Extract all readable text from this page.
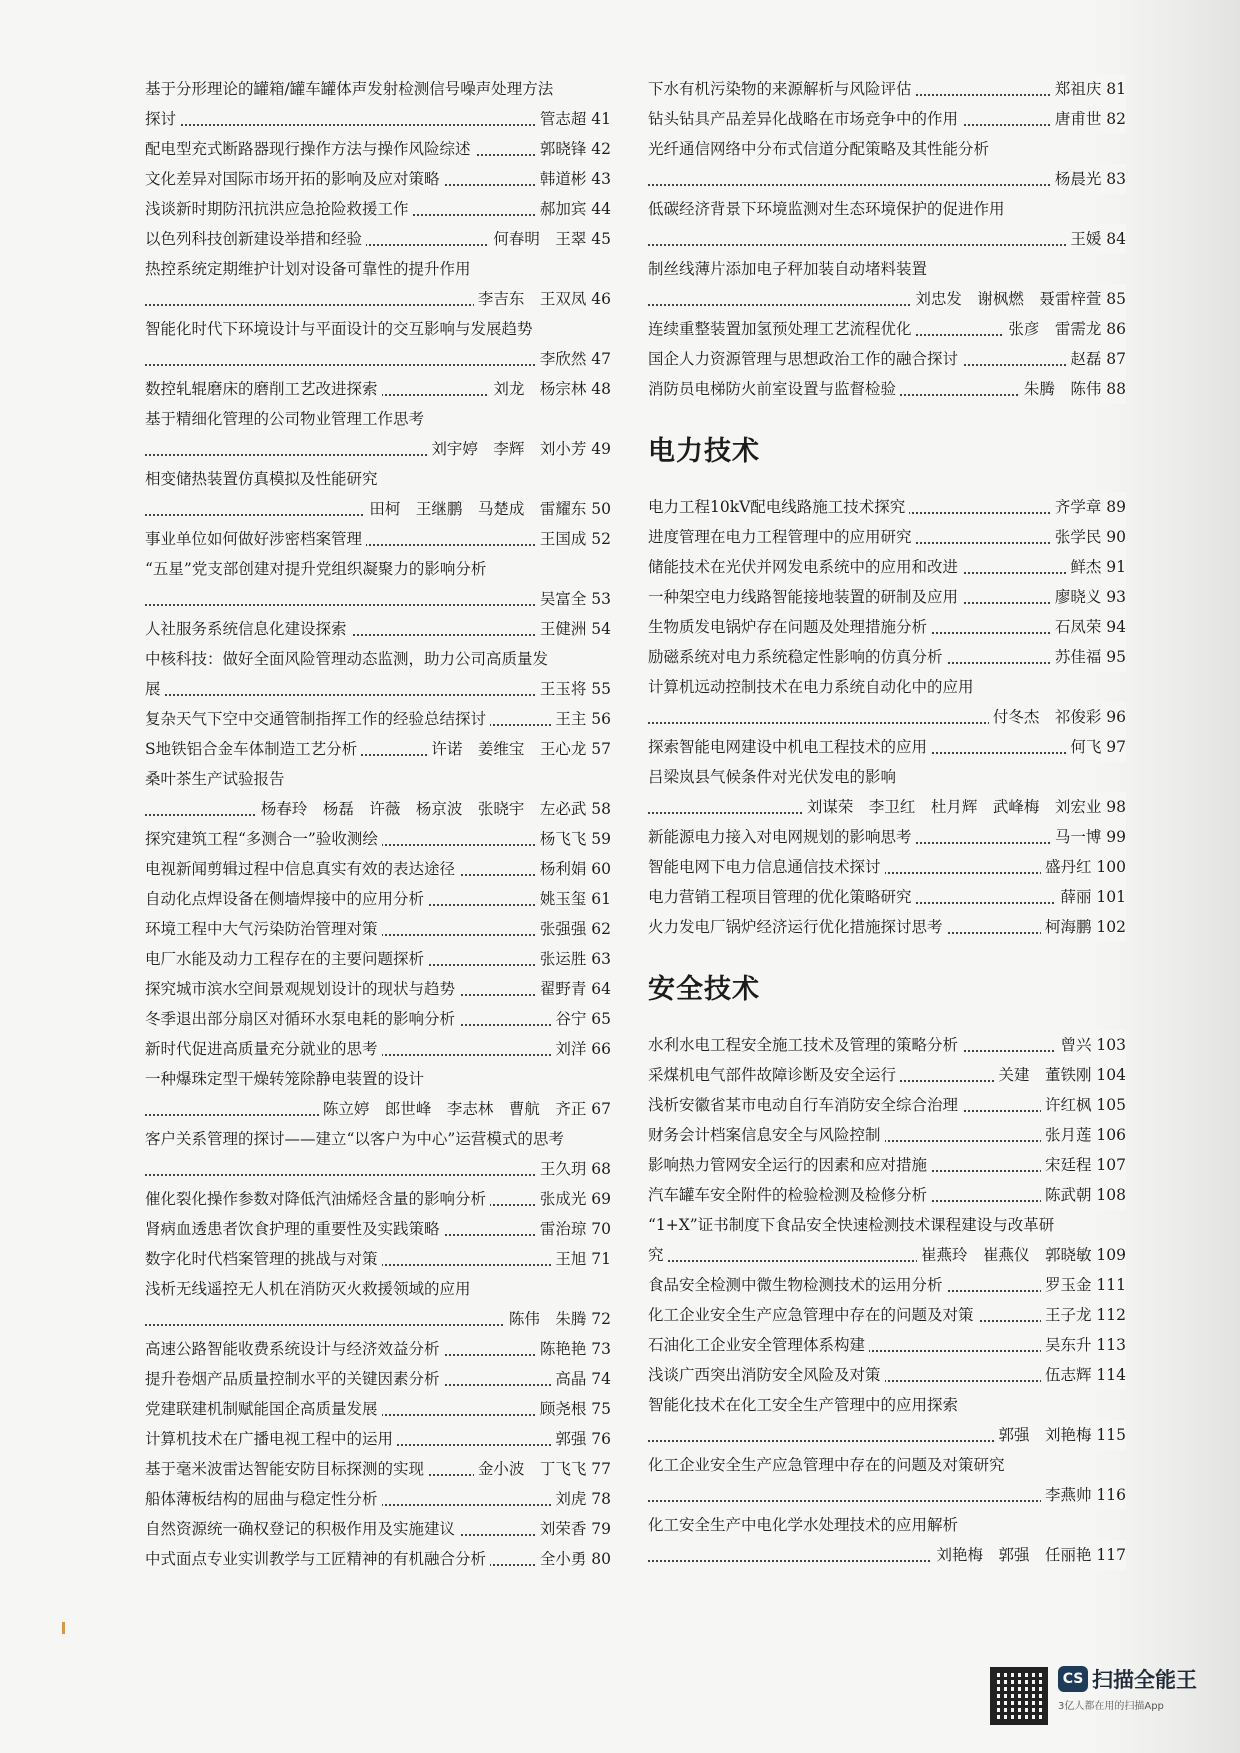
基于分形理论的罐箱/罐车罐体声发射检测信号噪声处理方法
探讨	管志超 41
配电型充式断路器现行操作方法与操作风险综述	郭晓锋 42
文化差异对国际市场开拓的影响及应对策略	韩道彬 43
浅谈新时期防汛抗洪应急抢险救援工作	郝加宾 44
以色列科技创新建设举措和经验	何春明　王翠 45
热控系统定期维护计划对设备可靠性的提升作用
李吉东　王双凤 46
智能化时代下环境设计与平面设计的交互影响与发展趋势
李欣然 47
数控轧辊磨床的磨削工艺改进探索	刘龙　杨宗林 48
基于精细化管理的公司物业管理工作思考
刘宇婷　李辉　刘小芳 49
相变储热装置仿真模拟及性能研究
田柯　王继鹏　马楚成　雷耀东 50
事业单位如何做好涉密档案管理	王国成 52
“五星”党支部创建对提升党组织凝聚力的影响分析
吴富全 53
人社服务系统信息化建设探索	王健洲 54
中核科技：做好全面风险管理动态监测，助力公司高质量发
展	王玉将 55
复杂天气下空中交通管制指挥工作的经验总结探讨	王主 56
S地铁铝合金车体制造工艺分析	许诺　姜维宝　王心龙 57
桑叶茶生产试验报告
杨春玲　杨磊　许薇　杨京波　张晓宇　左必武 58
探究建筑工程“多测合一”验收测绘	杨飞飞 59
电视新闻剪辑过程中信息真实有效的表达途径	杨利娟 60
自动化点焊设备在侧墙焊接中的应用分析	姚玉玺 61
环境工程中大气污染防治管理对策	张强强 62
电厂水能及动力工程存在的主要问题探析	张运胜 63
探究城市滨水空间景观规划设计的现状与趋势	翟野青 64
冬季退出部分扇区对循环水泵电耗的影响分析	谷宁 65
新时代促进高质量充分就业的思考	刘洋 66
一种爆珠定型干燥转笼除静电装置的设计
陈立婷　郎世峰　李志林　曹航　齐正 67
客户关系管理的探讨——建立“以客户为中心”运营模式的思考
王久玥 68
催化裂化操作参数对降低汽油烯烃含量的影响分析	张成光 69
肾病血透患者饮食护理的重要性及实践策略	雷治琼 70
数字化时代档案管理的挑战与对策	王旭 71
浅析无线遥控无人机在消防灭火救援领域的应用
陈伟　朱腾 72
高速公路智能收费系统设计与经济效益分析	陈艳艳 73
提升卷烟产品质量控制水平的关键因素分析	高晶 74
党建联建机制赋能国企高质量发展	顾尧根 75
计算机技术在广播电视工程中的运用	郭强 76
基于毫米波雷达智能安防目标探测的实现	金小波　丁飞飞 77
船体薄板结构的屈曲与稳定性分析	刘虎 78
自然资源统一确权登记的积极作用及实施建议	刘荣香 79
中式面点专业实训教学与工匠精神的有机融合分析	全小勇 80
下水有机污染物的来源解析与风险评估	郑祖庆 81
钻头钻具产品差异化战略在市场竞争中的作用	唐甫世 82
光纤通信网络中分布式信道分配策略及其性能分析
杨晨光 83
低碳经济背景下环境监测对生态环境保护的促进作用
王媛 84
制丝线薄片添加电子秤加装自动堵料装置
刘忠发　谢枫燃　聂雷梓萱 85
连续重整装置加氢预处理工艺流程优化	张彦　雷需龙 86
国企人力资源管理与思想政治工作的融合探讨	赵磊 87
消防员电梯防火前室设置与监督检验	朱腾　陈伟 88
电力技术
电力工程10kV配电线路施工技术探究	齐学章 89
进度管理在电力工程管理中的应用研究	张学民 90
储能技术在光伏并网发电系统中的应用和改进	鲜杰 91
一种架空电力线路智能接地装置的研制及应用	廖晓义 93
生物质发电锅炉存在问题及处理措施分析	石凤荣 94
励磁系统对电力系统稳定性影响的仿真分析	苏佳福 95
计算机远动控制技术在电力系统自动化中的应用
付冬杰　祁俊彩 96
探索智能电网建设中机电工程技术的应用	何飞 97
吕梁岚县气候条件对光伏发电的影响
刘谋荣　李卫红　杜月辉　武峰梅　刘宏业 98
新能源电力接入对电网规划的影响思考	马一博 99
智能电网下电力信息通信技术探讨	盛丹红 100
电力营销工程项目管理的优化策略研究	薛丽 101
火力发电厂锅炉经济运行优化措施探讨思考	柯海鹏 102
安全技术
水利水电工程安全施工技术及管理的策略分析	曾兴 103
采煤机电气部件故障诊断及安全运行	关建　董铁刚 104
浅析安徽省某市电动自行车消防安全综合治理	许红枫 105
财务会计档案信息安全与风险控制	张月莲 106
影响热力管网安全运行的因素和应对措施	宋廷程 107
汽车罐车安全附件的检验检测及检修分析	陈武朝 108
“1+X”证书制度下食品安全快速检测技术课程建设与改革研
究	崔燕玲　崔燕仪　郭晓敏 109
食品安全检测中微生物检测技术的运用分析	罗玉金 111
化工企业安全生产应急管理中存在的问题及对策	王子龙 112
石油化工企业安全管理体系构建	吴东升 113
浅谈广西突出消防安全风险及对策	伍志辉 114
智能化技术在化工安全生产管理中的应用探索
郭强　刘艳梅 115
化工企业安全生产应急管理中存在的问题及对策研究
李燕帅 116
化工安全生产中电化学水处理技术的应用解析
刘艳梅　郭强　任丽艳 117
CS 扫描全能王
3亿人都在用的扫描App
